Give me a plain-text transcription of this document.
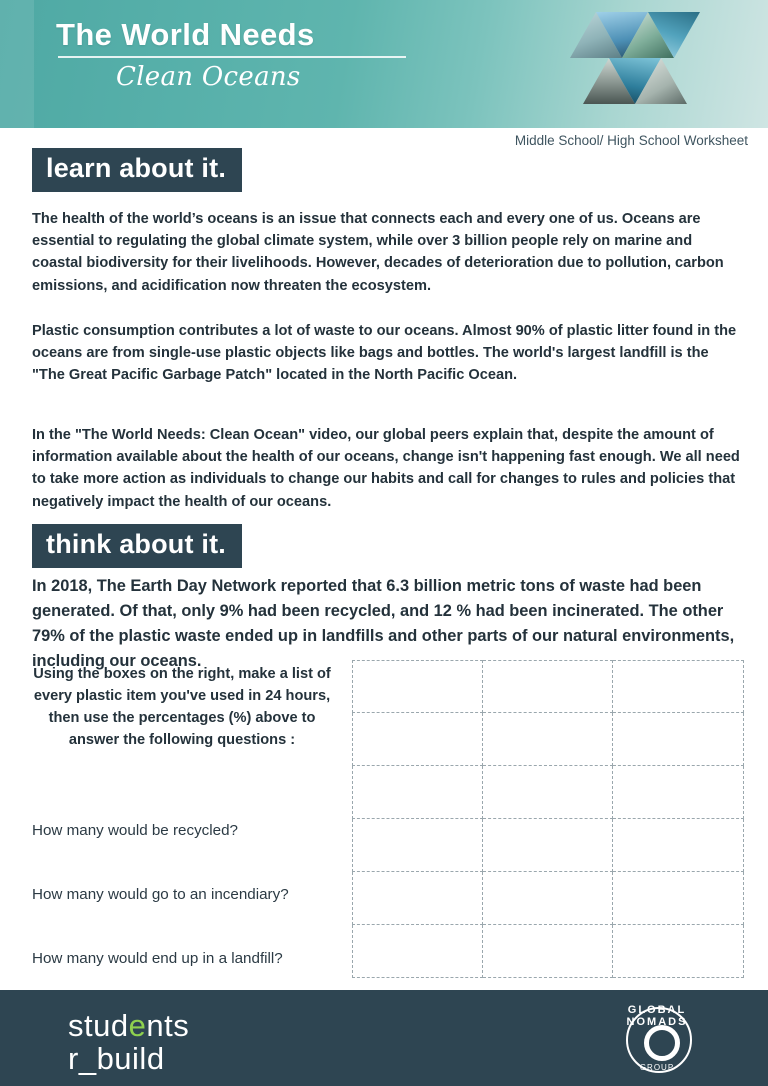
The World Needs
Clean Oceans
Middle School/ High School Worksheet
learn about it.

The health of the world’s oceans is an issue that connects each and every one of us. Oceans are essential to regulating the global climate system, while over 3 billion people rely on marine and coastal biodiversity for their livelihoods. However, decades of deterioration due to pollution, carbon emissions, and acidification now threaten the ecosystem.

Plastic consumption contributes a lot of waste to our oceans. Almost 90% of plastic litter found in the oceans are from single-use plastic objects like bags and bottles. The world's largest landfill is the "The Great Pacific Garbage Patch" located in the North Pacific Ocean.

In the "The World Needs: Clean Ocean" video, our global peers explain that, despite the amount of information available about the health of our oceans, change isn't happening fast enough. We all need to take more action as individuals to change our habits and call for changes to rules and policies that negatively impact the health of our oceans.

think about it.
In 2018, The Earth Day Network reported that 6.3 billion metric tons of waste had been generated. Of that, only 9% had been recycled, and 12 % had been incinerated. The other 79% of the plastic waste ended up in landfills and other parts of our natural environments, including our oceans.
Using the boxes on the right, make a list of every plastic item you've used in 24 hours, then use the percentages (%) above to answer the following questions :
How many would be recycled?
How many would go to an incendiary?
How many would end up in a landfill?
students
r_build
GLOBAL NOMADS
GROUP
